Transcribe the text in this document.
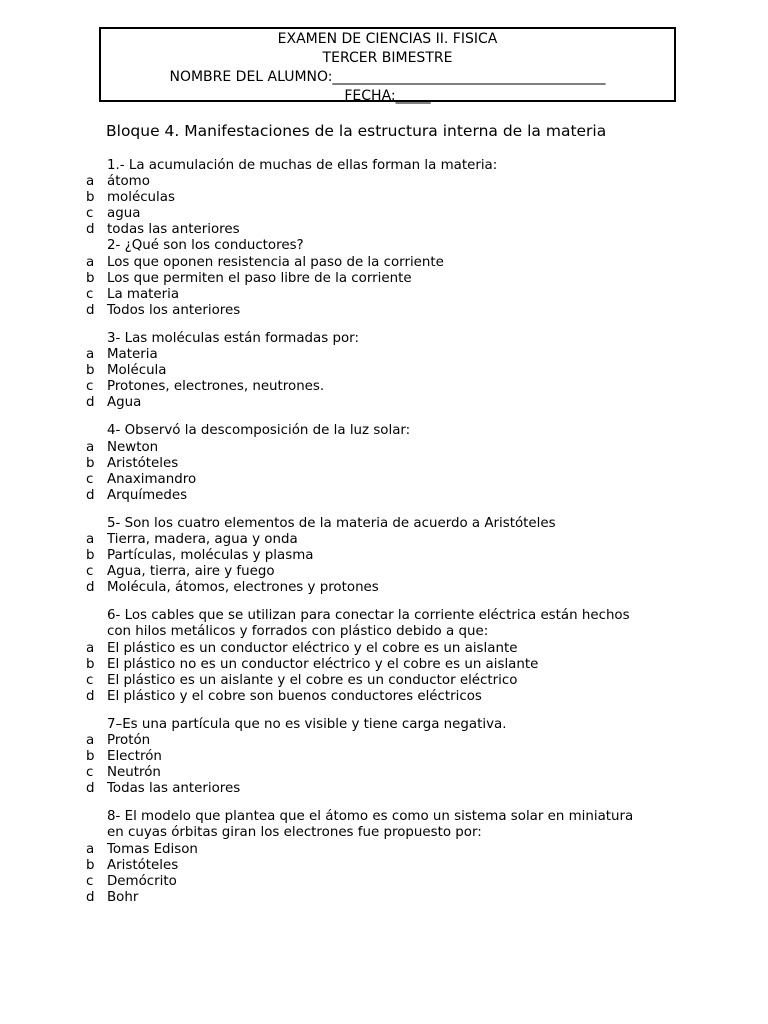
EXAMEN DE CIENCIAS II. FISICA
TERCER BIMESTRE
NOMBRE DEL ALUMNO:_______________________________________
FECHA:_____
Bloque 4. Manifestaciones de la estructura interna de la materia
1.- La acumulación de muchas de ellas forman la materia:
a átomo
b moléculas
c agua
d todas las anteriores
2- ¿Qué son los conductores?
a Los que oponen resistencia al paso de la corriente
b Los que permiten el paso libre de la corriente
c La materia
d Todos los anteriores
3- Las moléculas están formadas por:
a Materia
b Molécula
c Protones, electrones, neutrones.
d Agua
4- Observó la descomposición de la luz solar:
a Newton
b Aristóteles
c Anaximandro
d Arquímedes
5- Son los cuatro elementos de la materia de acuerdo a Aristóteles
a Tierra, madera, agua y onda
b Partículas, moléculas y plasma
c Agua, tierra, aire y fuego
d Molécula, átomos, electrones y protones
6- Los cables que se utilizan para conectar la corriente eléctrica están hechos
con hilos metálicos y forrados con plástico debido a que:
a El plástico es un conductor eléctrico y el cobre es un aislante
b El plástico no es un conductor eléctrico y el cobre es un aislante
c El plástico es un aislante y el cobre es un conductor eléctrico
d El plástico y el cobre son buenos conductores eléctricos
7–Es una partícula que no es visible y tiene carga negativa.
a Protón
b Electrón
c Neutrón
d Todas las anteriores
8- El modelo que plantea que el átomo es como un sistema solar en miniatura
en cuyas órbitas giran los electrones fue propuesto por:
a Tomas Edison
b Aristóteles
c Demócrito
d Bohr
